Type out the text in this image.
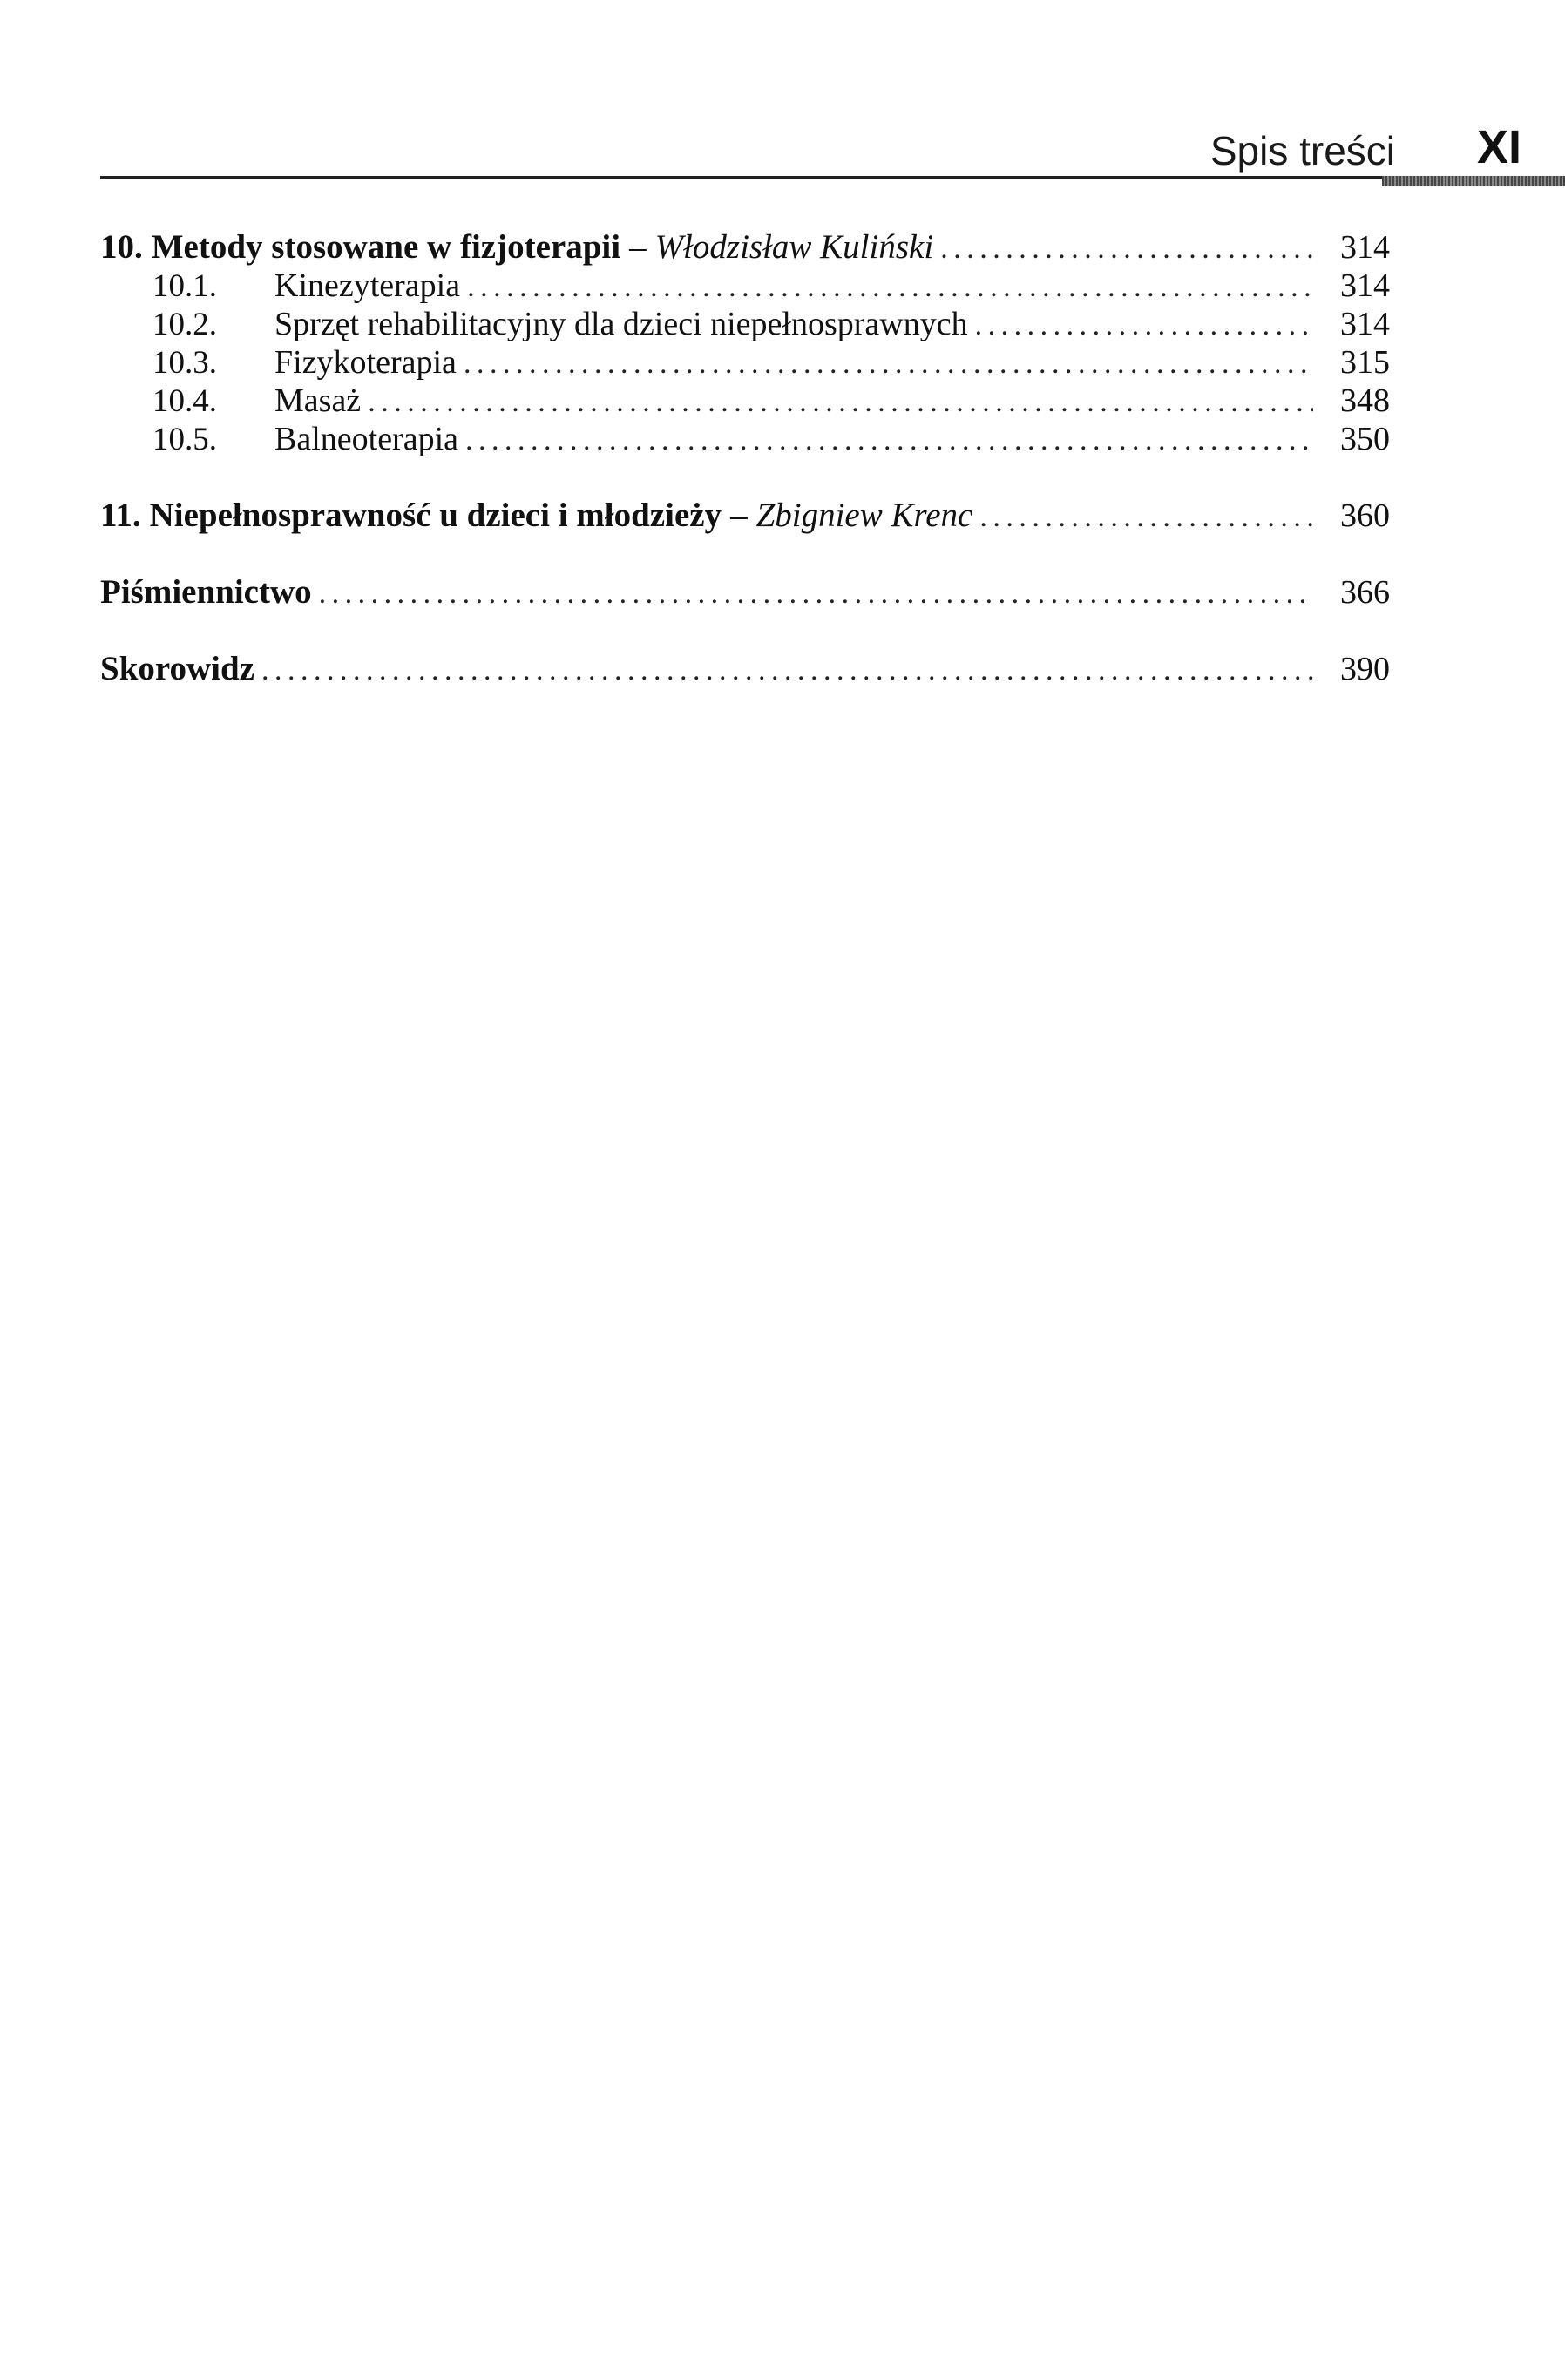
Spis treści XI
10. Metody stosowane w fizjoterapii – Włodzisław Kuliński . . .	314
10.1.	Kinezyterapia . . .	314
10.2.	Sprzęt rehabilitacyjny dla dzieci niepełnosprawnych . . .	314
10.3.	Fizykoterapia . . .	315
10.4.	Masaż . . .	348
10.5.	Balneoterapia . . .	350
11. Niepełnosprawność u dzieci i młodzieży – Zbigniew Krenc . . .	360
Piśmiennictwo . . .	366
Skorowidz . . .	390
